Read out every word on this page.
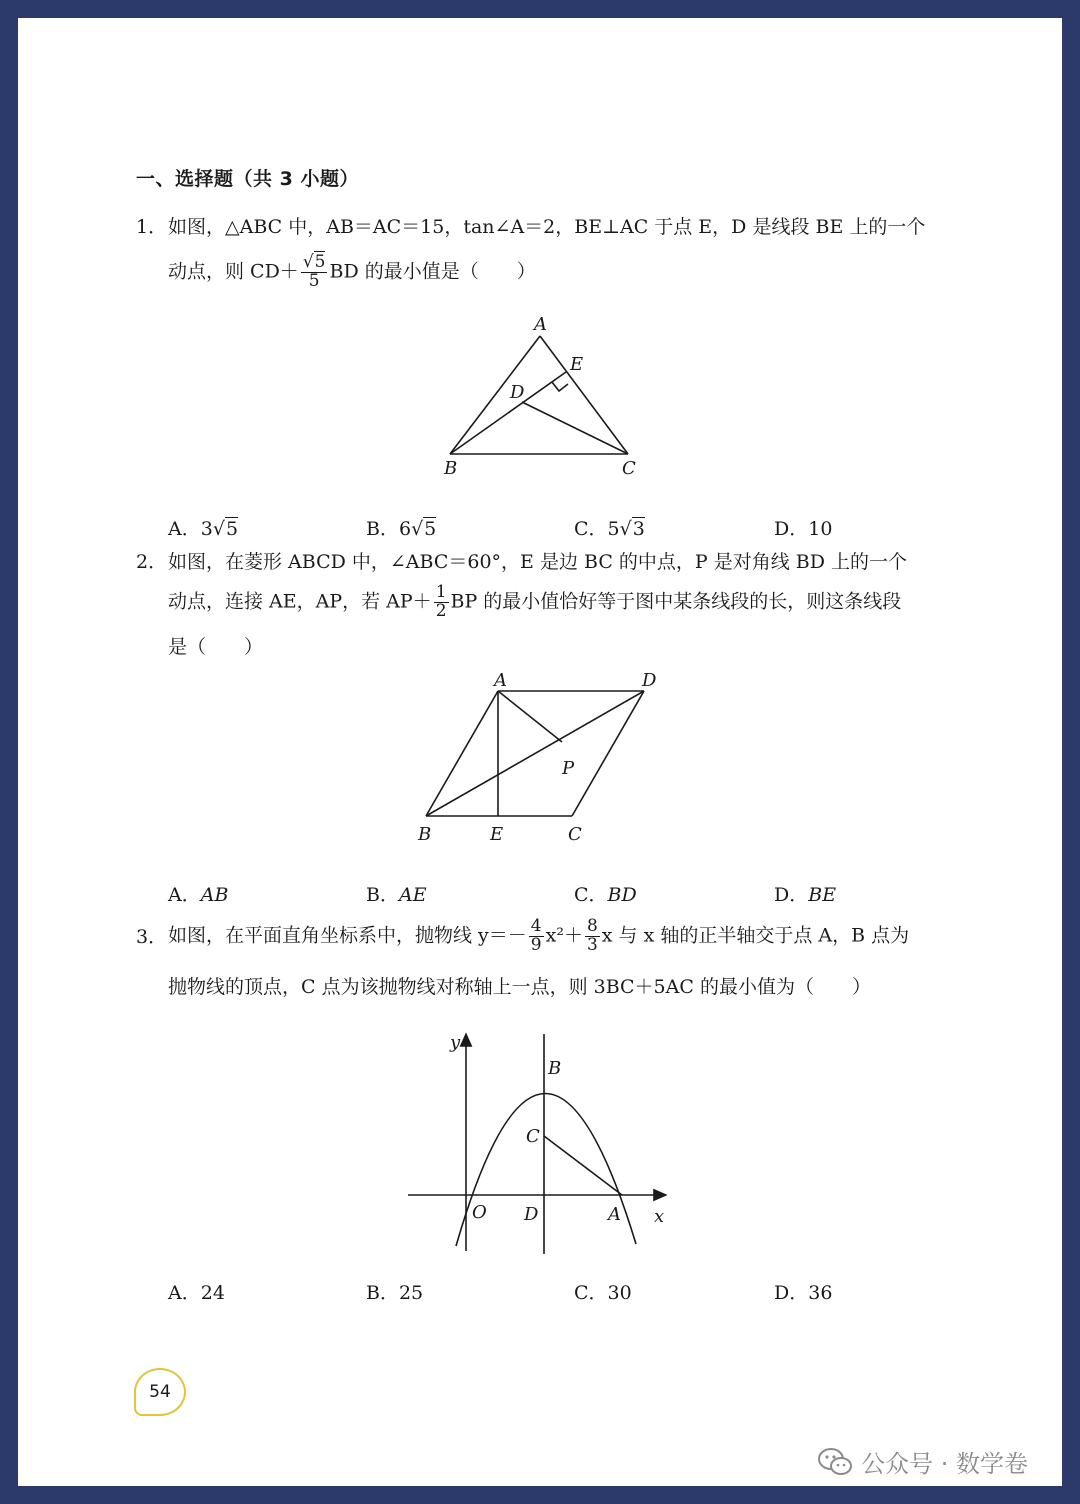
一、选择题（共 3 小题）
1． 如图，△ABC 中，AB＝AC＝15，tan∠A＝2，BE⊥AC 于点 E，D 是线段 BE 上的一个
动点，则 $CD+ \frac{√5}{5}$ BD 的最小值是（　　）
A
E
D
B	C
A．3√5	B．6√5	C．5√3	D．10
2． 如图，在菱形 ABCD 中，∠ABC＝60°，E 是边 BC 的中点，P 是对角线 BD 上的一个
动点，连接 AE，AP，若 $AP+ \frac{1}{2}$ BP 的最小值恰好等于图中某条线段的长，则这条线段
是（　　）
A	D
P
B	E	C
A．AB	B．AE	C．BD	D．BE
3． 如图，在平面直角坐标系中，抛物线 $y=- \frac{4}{9} x^2+ \frac{8}{3}$ x 与 x 轴的正半轴交于点 A，B 点为
抛物线的顶点，C 点为该抛物线对称轴上一点，则 3BC＋5AC 的最小值为（　　）
y
B
C
O D	A x
A．24	B．25	C．30	D．36
54
公众号 · 数学卷
